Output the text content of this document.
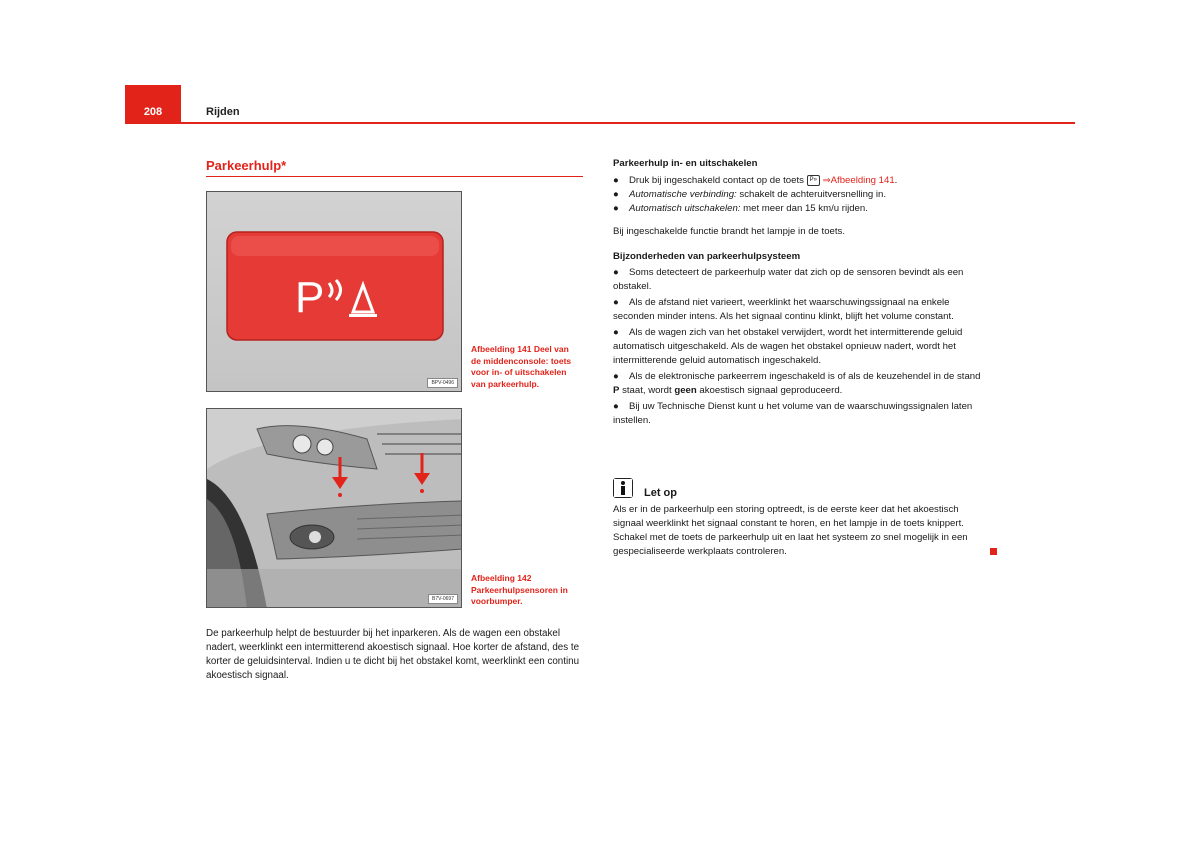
208	Rijden
Parkeerhulp*
P
BPV-0496
Afbeelding 141 Deel van de middenconsole: toets voor in- of uitschakelen van parkeerhulp.
B7V-0697
Afbeelding 142 Parkeerhulpsensoren in voorbumper.
De parkeerhulp helpt de bestuurder bij het inparkeren. Als de wagen een obstakel nadert, weerklinkt een intermitterend akoestisch signaal. Hoe korter de afstand, des te korter de geluidsinterval. Indien u te dicht bij het obstakel komt, weerklinkt een continu akoestisch signaal.
Parkeerhulp in- en uitschakelen
● Druk bij ingeschakeld contact op de toets P» ⇒Afbeelding 141.
● Automatische verbinding: schakelt de achteruitversnelling in.
● Automatisch uitschakelen: met meer dan 15 km/u rijden.
Bij ingeschakelde functie brandt het lampje in de toets.
Bijzonderheden van parkeerhulpsysteem
● Soms detecteert de parkeerhulp water dat zich op de sensoren bevindt als een obstakel.
● Als de afstand niet varieert, weerklinkt het waarschuwingssignaal na enkele seconden minder intens. Als het signaal continu klinkt, blijft het volume constant.
● Als de wagen zich van het obstakel verwijdert, wordt het intermitterende geluid automatisch uitgeschakeld. Als de wagen het obstakel opnieuw nadert, wordt het intermitterende geluid automatisch ingeschakeld.
● Als de elektronische parkeerrem ingeschakeld is of als de keuzehendel in de stand P staat, wordt geen akoestisch signaal geproduceerd.
● Bij uw Technische Dienst kunt u het volume van de waarschuwingssignalen laten instellen.
Let op
Als er in de parkeerhulp een storing optreedt, is de eerste keer dat het akoestisch signaal weerklinkt het signaal constant te horen, en het lampje in de toets knippert. Schakel met de toets de parkeerhulp uit en laat het systeem zo snel mogelijk in een gespecialiseerde werkplaats controleren.
